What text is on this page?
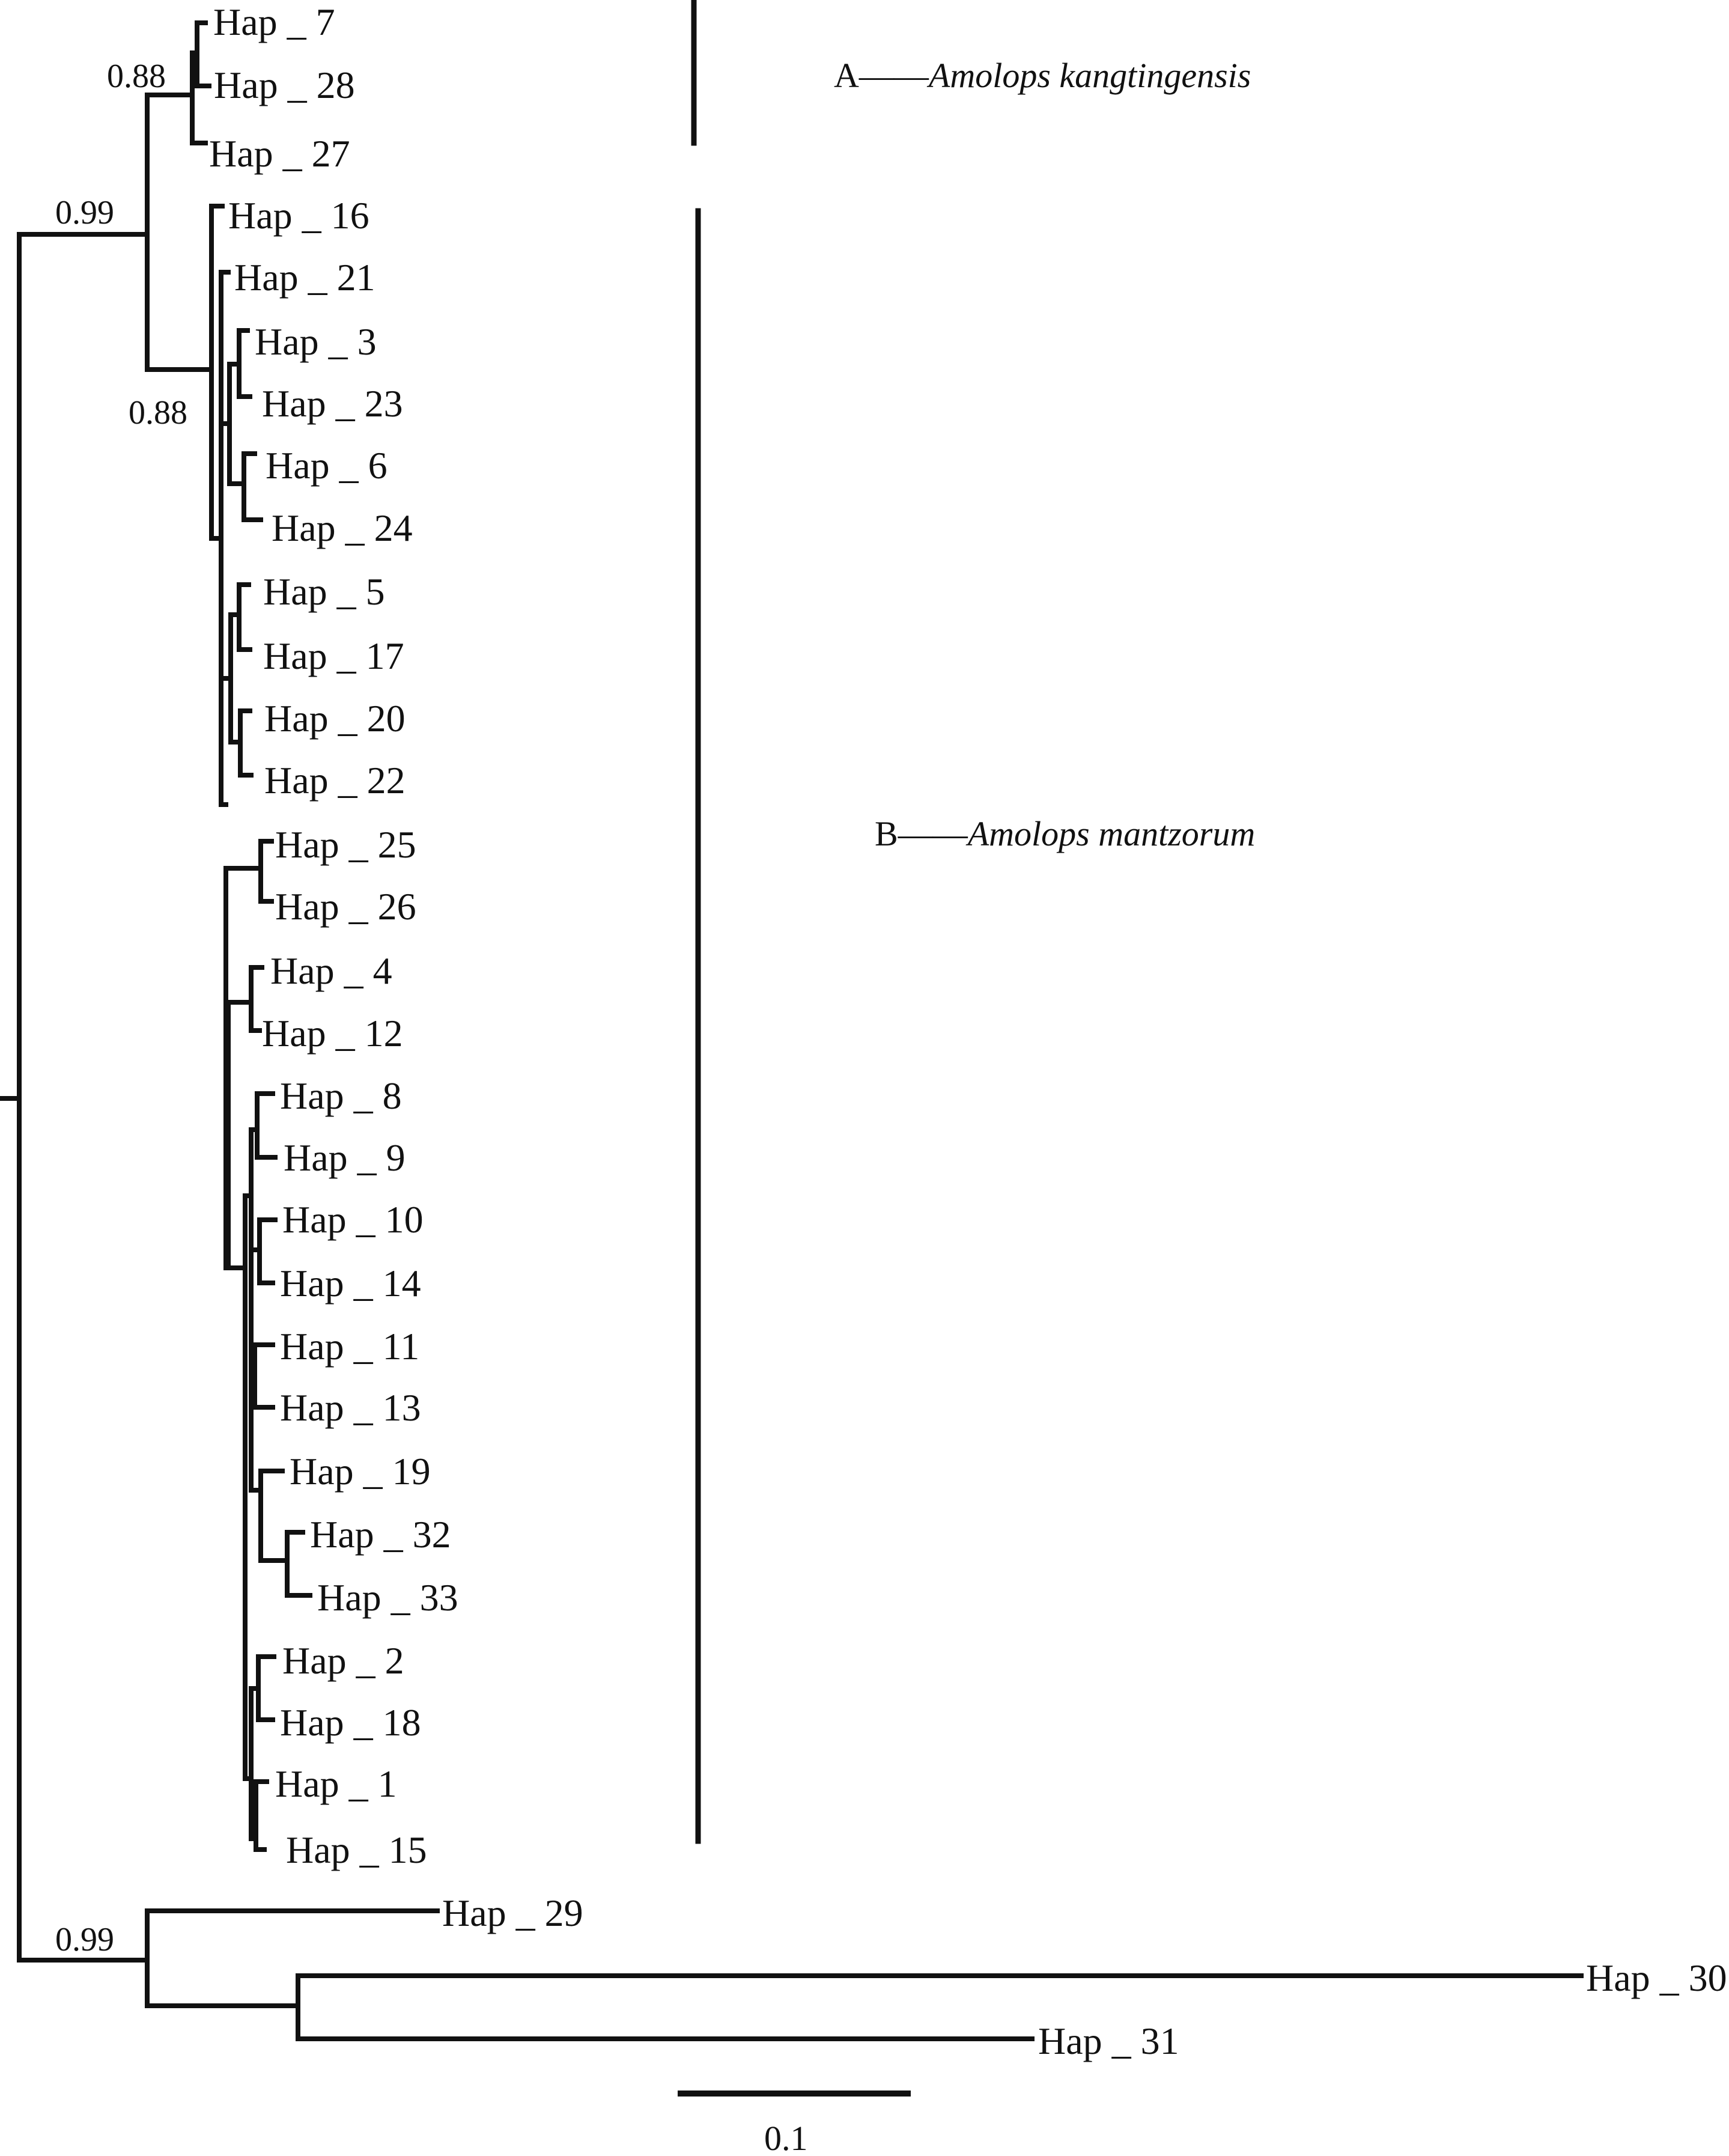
Hap _ 7
Hap _ 28
Hap _ 27
Hap _ 16
Hap _ 21
Hap _ 3
Hap _ 23
Hap _ 6
Hap _ 24
Hap _ 5
Hap _ 17
Hap _ 20
Hap _ 22
Hap _ 25
Hap _ 26
Hap _ 4
Hap _ 12
Hap _ 8
Hap _ 9
Hap _ 10
Hap _ 14
Hap _ 11
Hap _ 13
Hap _ 19
Hap _ 32
Hap _ 33
Hap _ 2
Hap _ 18
Hap _ 1
Hap _ 15
Hap _ 29
Hap _ 30
Hap _ 31
0.88
0.99
0.88
0.99
A——Amolops kangtingensis
B——Amolops mantzorum
0.1
